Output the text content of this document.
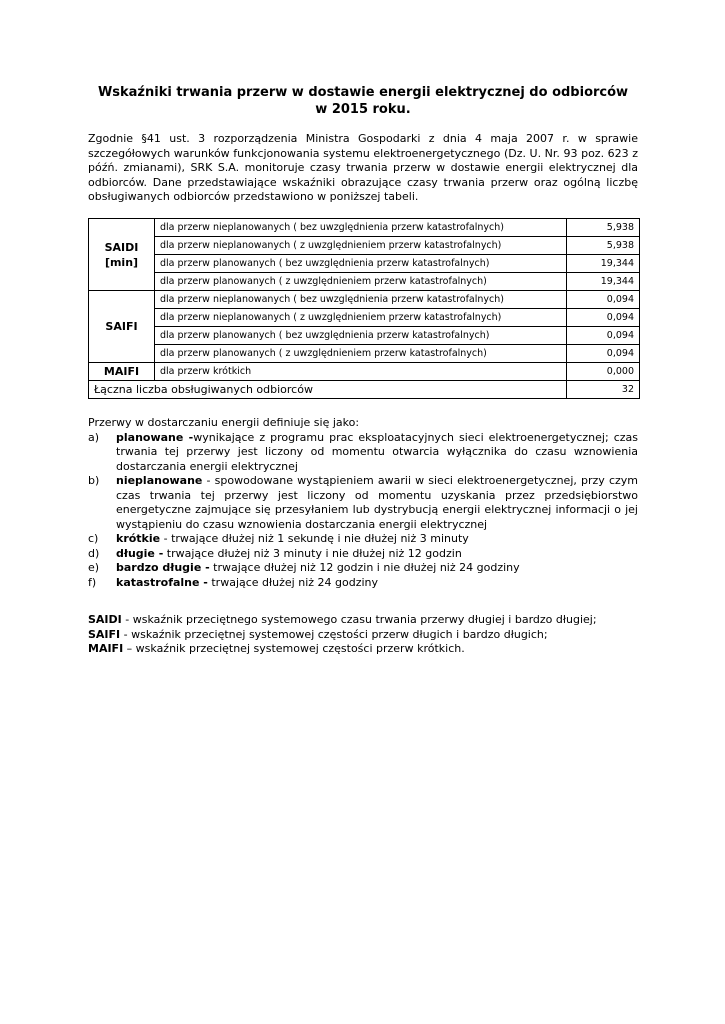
Wskaźniki trwania przerw w dostawie energii elektrycznej do odbiorców
w 2015 roku.
Zgodnie §41 ust. 3 rozporządzenia Ministra Gospodarki z dnia 4 maja 2007 r. w sprawie szczegółowych warunków funkcjonowania systemu elektroenergetycznego (Dz. U. Nr. 93 poz. 623 z późń. zmianami), SRK S.A. monitoruje czasy trwania przerw w dostawie energii elektrycznej dla odbiorców. Dane przedstawiające wskaźniki obrazujące czasy trwania przerw oraz ogólną liczbę obsługiwanych odbiorców przedstawiono w poniższej tabeli.
SAIDI
[min]	dla przerw nieplanowanych ( bez uwzględnienia przerw katastrofalnych)	5,938
	dla przerw nieplanowanych ( z uwzględnieniem przerw katastrofalnych)	5,938
	dla przerw planowanych ( bez uwzględnienia przerw katastrofalnych)	19,344
	dla przerw planowanych ( z uwzględnieniem przerw katastrofalnych)	19,344
SAIFI	dla przerw nieplanowanych ( bez uwzględnienia przerw katastrofalnych)	0,094
	dla przerw nieplanowanych ( z uwzględnieniem przerw katastrofalnych)	0,094
	dla przerw planowanych ( bez uwzględnienia przerw katastrofalnych)	0,094
	dla przerw planowanych ( z uwzględnieniem przerw katastrofalnych)	0,094
MAIFI	dla przerw krótkich	0,000
Łączna liczba obsługiwanych odbiorców		32

Przerwy w dostarczaniu energii definiuje się jako:

a)	planowane -wynikające z programu prac eksploatacyjnych sieci elektroenergetycznej; czas trwania tej przerwy jest liczony od momentu otwarcia wyłącznika do czasu wznowienia dostarczania energii elektrycznej
b)	nieplanowane - spowodowane wystąpieniem awarii w sieci elektroenergetycznej, przy czym czas trwania tej przerwy jest liczony od momentu uzyskania przez przedsiębiorstwo energetyczne zajmujące się przesyłaniem lub dystrybucją energii elektrycznej informacji o jej wystąpieniu do czasu wznowienia dostarczania energii elektrycznej
c)	krótkie - trwające dłużej niż 1 sekundę i nie dłużej niż 3 minuty
d)	długie - trwające dłużej niż 3 minuty i nie dłużej niż 12 godzin
e)	bardzo długie - trwające dłużej niż 12 godzin i nie dłużej niż 24 godziny
f)	katastrofalne - trwające dłużej niż 24 godziny

SAIDI - wskaźnik przeciętnego systemowego czasu trwania przerwy długiej i bardzo długiej;

SAIFI - wskaźnik przeciętnej systemowej częstości przerw długich i bardzo długich;

MAIFI – wskaźnik przeciętnej systemowej częstości przerw krótkich.
